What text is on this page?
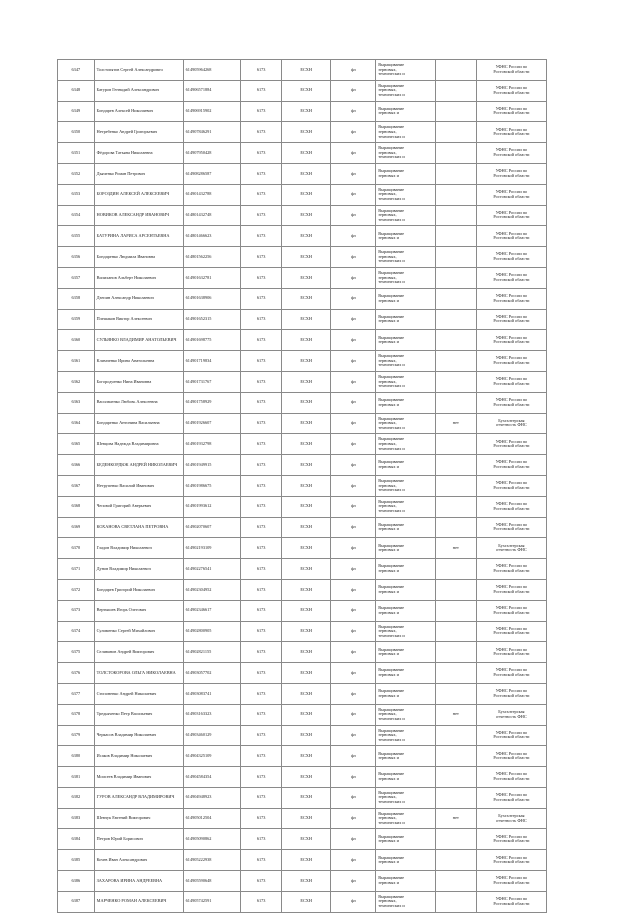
6347	Толстопятов Сергей Александрович	614905964268	6173	ЕСХН	фл	Выращивание
зерновых,
технических и		УФНС России по
Ростовской области

6348	Батуров Геннадий Александрович	614906571884	6173	ЕСХН	фл	Выращивание
зерновых,
технических и		УФНС России по
Ростовской области

6349	Бондарев Алексей Николаевич	614906915902	6173	ЕСХН	фл	Выращивание
зерновых и		УФНС России по
Ростовской области

6350	Нетребенко Андрей Григорьевич	614907846291	6173	ЕСХН	фл	Выращивание
зерновых,
технических и		УФНС России по
Ростовской области

6351	Фёдорова Татьяна Николаевна	614907950428	6173	ЕСХН	фл	Выращивание
зерновых,
технических и		УФНС России по
Ростовской области

6352	Дьяченко Роман Петрович	614908286587	6173	ЕСХН	фл	Выращивание
зерновых и		УФНС России по
Ростовской области

6353	БОРОЗДИН АЛЕКСЕЙ АЛЕКСЕЕВИЧ	614901432788	6173	ЕСХН	фл	Выращивание
зерновых,
технических и		УФНС России по
Ростовской области

6354	НОВИКОВ АЛЕКСАНДР ИВАНОВИЧ	614801432748	6173	ЕСХН	фл	Выращивание
зерновых,
технических и		УФНС России по
Ростовской области

6355	БАТУРИНА ЛАРИСА АРСЕНТЬЕВНА	614801466623	6173	ЕСХН	фл	Выращивание
зерновых и		УФНС России по
Ростовской области

6356	Бондаренко Людмила Ивановна	614801562256	6173	ЕСХН	фл	Выращивание
зерновых,
технических и		УФНС России по
Ростовской области

6357	Вилиханов Альберт Николаевич	614901632781	6173	ЕСХН	фл	Выращивание
зерновых,
технических и		УФНС России по
Ростовской области

6358	Дзепин Александр Николаевич	614901638906	6173	ЕСХН	фл	Выращивание
зерновых и		УФНС России по
Ростовской области

6359	Плешаков Виктор Алексеевич	614901652315	6173	ЕСХН	фл	Выращивание
зерновых и		УФНС России по
Ростовской области

6360	СУЛЬЯНКО ВЛАДИМИР АНАТОЛЬЕВИЧ	614901698775	6173	ЕСХН	фл	Выращивание
зерновых и		УФНС России по
Ростовской области

6361	Климченко Ирина Анатольевна	614901719834	6173	ЕСХН	фл	Выращивание
зерновых,
технических и		УФНС России по
Ростовской области

6362	Богородченко Нина Ивановна	614901731767	6173	ЕСХН	фл	Выращивание
зерновых,
технических и		УФНС России по
Ростовской области

6363	Васильченко Любовь Алексеевна	614901758929	6173	ЕСХН	фл	Выращивание
зерновых и		УФНС России по
Ростовской области

6364	Бондаренко Антонина Васильевна	614901926607	6173	ЕСХН	фл	Выращивание
зерновых,
технических и	нет	Бухгалтерская
отчетность ФНС

6365	Шевцова Надежда Владимировна	614901932798	6173	ЕСХН	фл	Выращивание
зерновых,
технических и		УФНС России по
Ростовской области

6366	БЕДЕНКОРДЮК АНДРЕЙ НИКОЛАЕВИЧ	614901949915	6173	ЕСХН	фл	Выращивание
зерновых и		УФНС России по
Ростовской области

6367	Нетрупенко Василий Иванович	614901986675	6173	ЕСХН	фл	Выращивание
зерновых,
технических и		УФНС России по
Ростовской области

6368	Чеповой Григорий Аверьевич	614901993612	6173	ЕСХН	фл	Выращивание
зерновых,
технических и		УФНС России по
Ростовской области

6369	КОХАНОВА СВЕТЛАНА ПЕТРОВНА	614902070607	6173	ЕСХН	фл	Выращивание
зерновых и		УФНС России по
Ростовской области

6370	Гладов Владимир Николаевич	614902193109	6173	ЕСХН	фл	Выращивание
зерновых и	нет	Бухгалтерская
отчетность ФНС

6371	Дунов Владимир Николаевич	614902276541	6173	ЕСХН	фл	Выращивание
зерновых и		УФНС России по
Ростовской области

6372	Бондарев Григорий Николаевич	614902304952	6173	ЕСХН	фл	Выращивание
зерновых и		УФНС России по
Ростовской области

6373	Вертышев Игорь Олегович	614902346617	6173	ЕСХН	фл	Выращивание
зерновых и		УФНС России по
Ростовской области

6374	Сулименко Сергей Михайлович	614902800905	6173	ЕСХН	фл	Выращивание
зерновых,
технических и		УФНС России по
Ростовской области

6375	Селиванов Андрей Викторович	614902821155	6173	ЕСХН	фл	Выращивание
зерновых и		УФНС России по
Ростовской области

6376	ТОЛСТОКОРОВА ОЛЬГА НИКОЛАЕВНА	614903057702	6173	ЕСХН	фл	Выращивание
зерновых и		УФНС России по
Ростовской области

6377	Стопоненко Андрей Николаевич	614903083741	6173	ЕСХН	фл	Выращивание
зерновых и		УФНС России по
Ростовской области

6378	Тредьяченко Петр Васильевич	614903163323	6173	ЕСХН	фл	Выращивание
зерновых,
технических и	нет	Бухгалтерская
отчетность ФНС

6379	Черкасов Владимир Николаевич	614903460129	6173	ЕСХН	фл	Выращивание
зерновых,
технических и		УФНС России по
Ростовской области

6380	Исаков Владимир Николаевич	614904325109	6173	ЕСХН	фл	Выращивание
зерновых и		УФНС России по
Ростовской области

6381	Моисеев Владимир Иванович	614904584354	6173	ЕСХН	фл	Выращивание
зерновых и		УФНС России по
Ростовской области

6382	ГУРОВ АЛЕКСАНДР ВЛАДИМИРОВИЧ	614904948923	6173	ЕСХН	фл	Выращивание
зерновых,
технических и		УФНС России по
Ростовской области

6383	Шевчук Евгений Викторович	614905012504	6173	ЕСХН	фл	Выращивание
зерновых,
технических и	нет	Бухгалтерская
отчетность ФНС

6384	Петров Юрий Борисович	614905090862	6173	ЕСХН	фл	Выращивание
зерновых и		УФНС России по
Ростовской области

6385	Кочев Иван Александрович	614905222938	6173	ЕСХН	фл	Выращивание
зерновых и		УФНС России по
Ростовской области

6386	ЗАХАРОВА ИРИНА АНДРЕЕВНА	614905590648	6173	ЕСХН	фл	Выращивание
зерновых и		УФНС России по
Ростовской области

6387	МАРЧЕНКО РОМАН АЛЕКСЕЕВИЧ	614905742591	6173	ЕСХН	фл	Выращивание
зерновых,
технических и		УФНС России по
Ростовской области
